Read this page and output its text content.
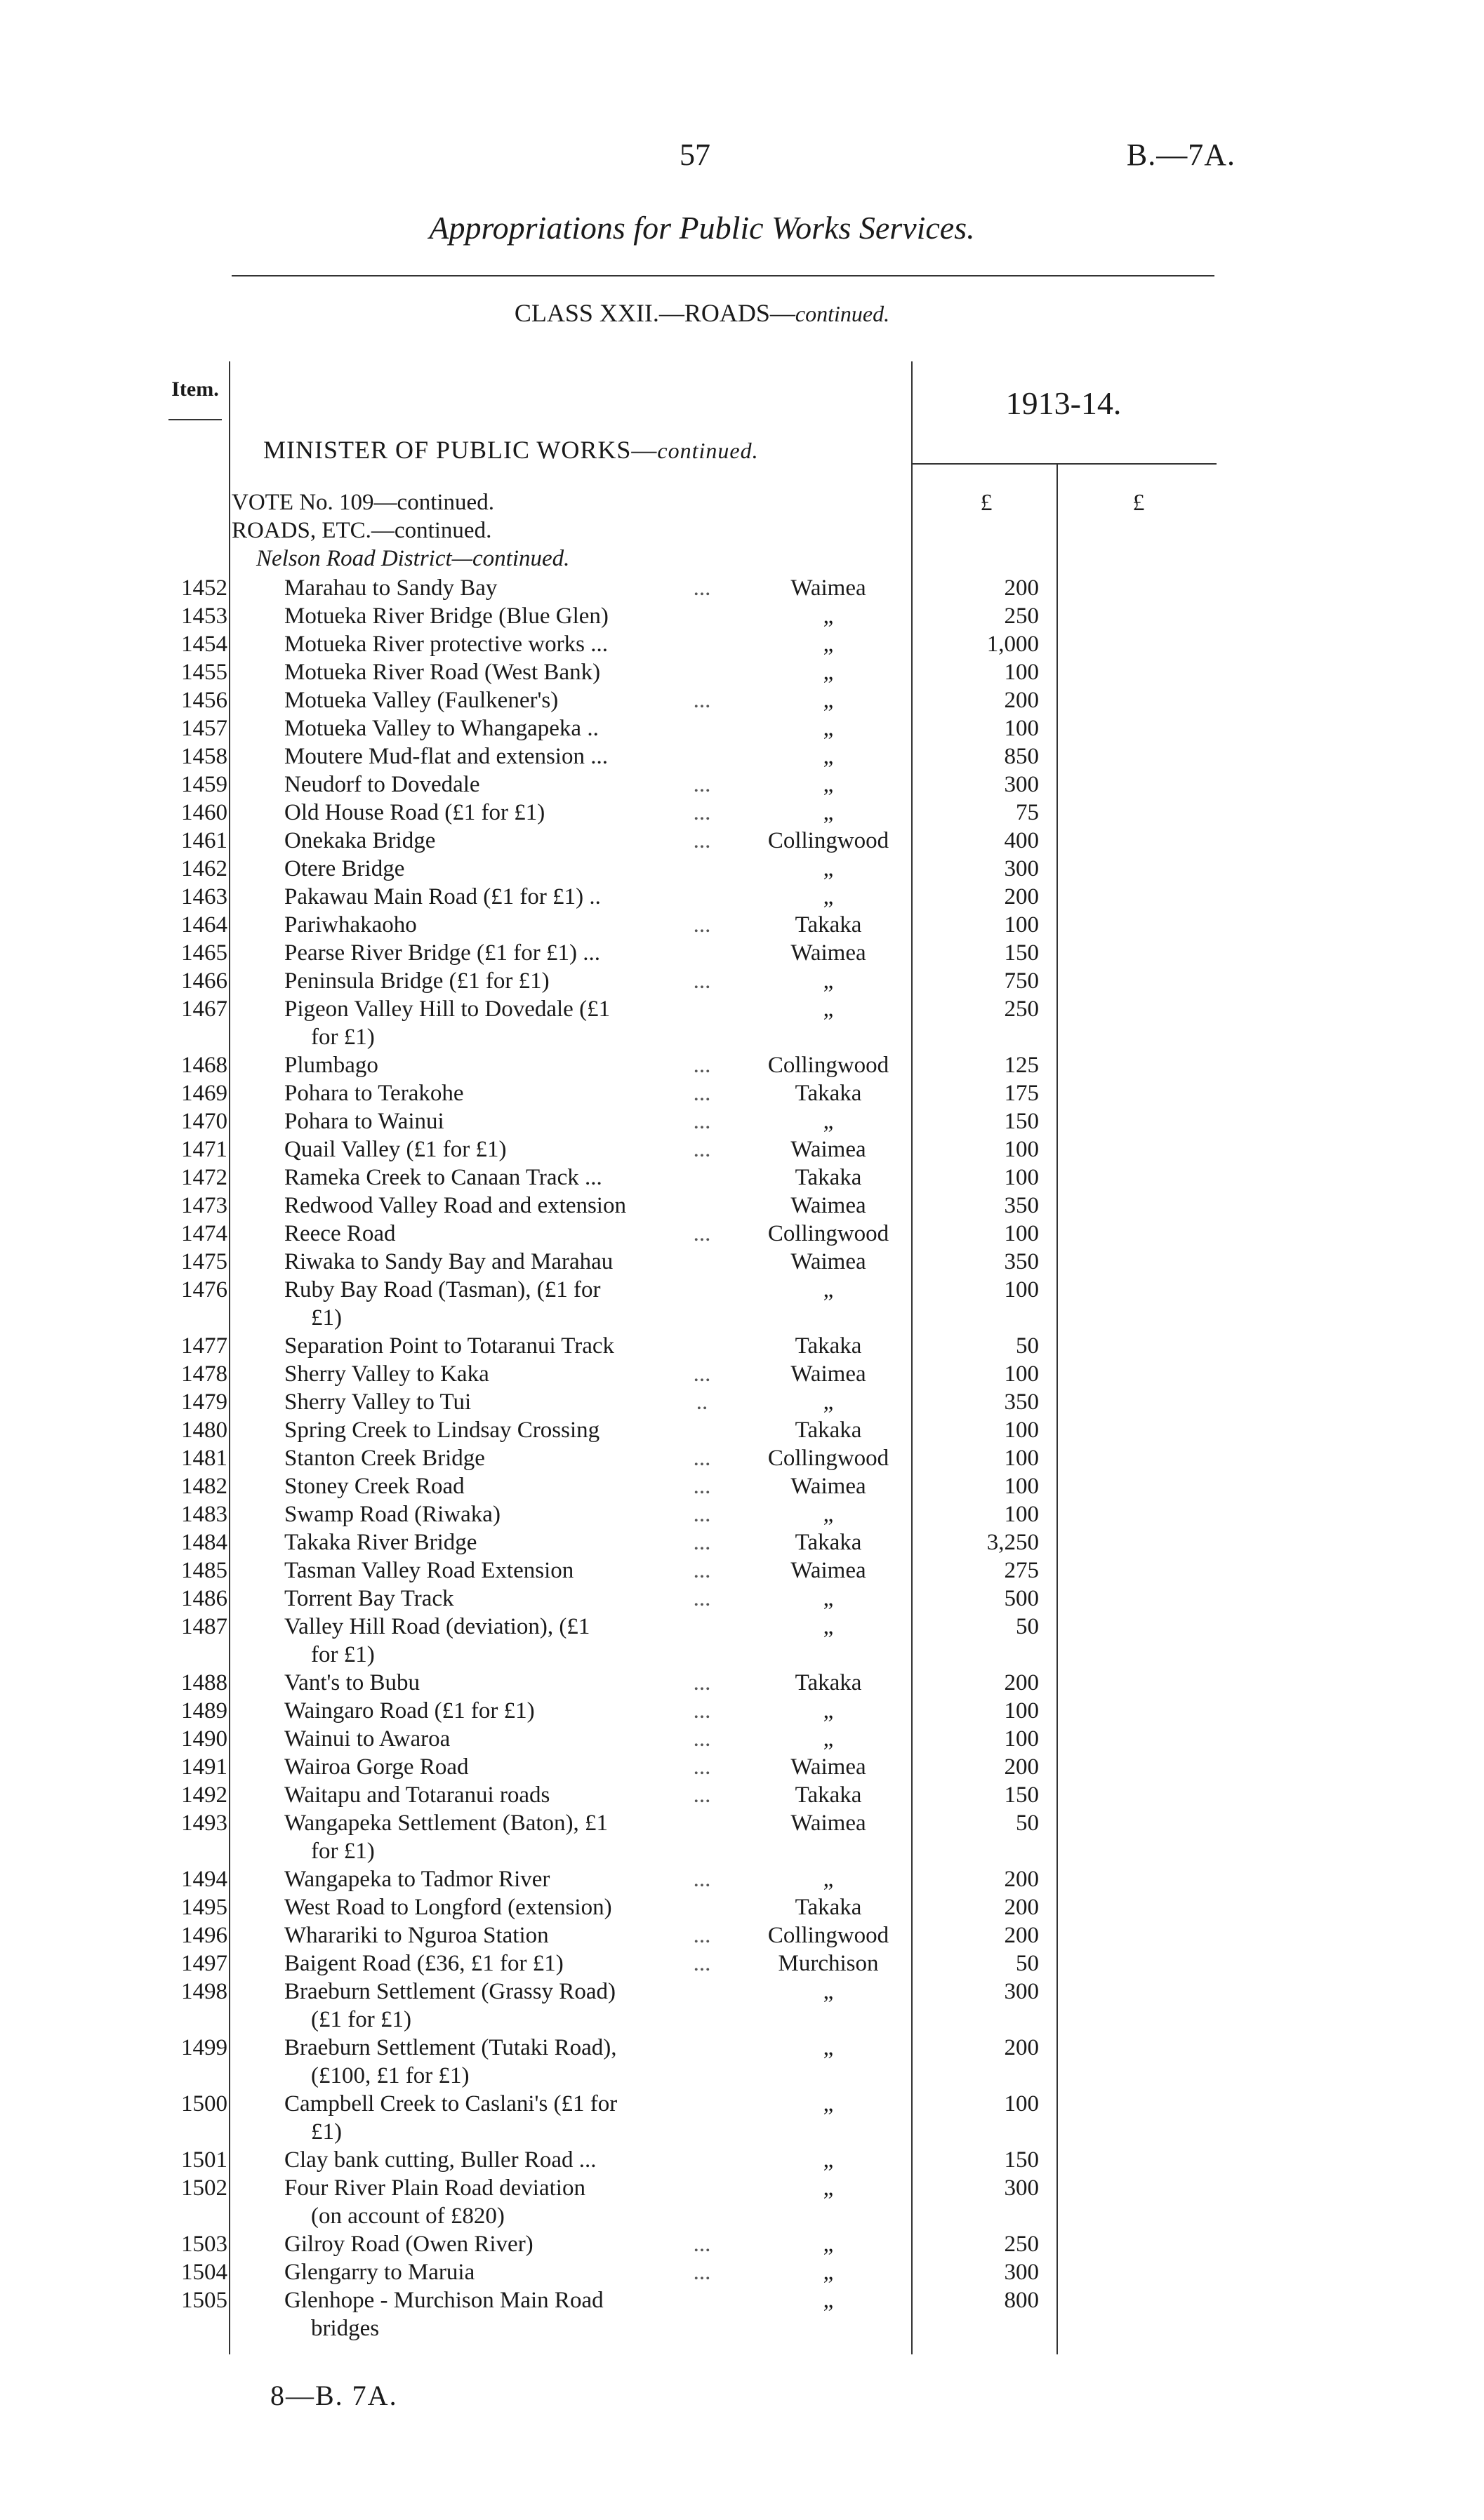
57	B.—7A.
Appropriations for Public Works Services.
CLASS XXII.—ROADS—continued.
Item.	1913-14.
MINISTER OF PUBLIC WORKS—continued.
£	£
VOTE No. 109—continued.
ROADS, ETC.—continued.
Nelson Road District—continued.
1452 Marahau to Sandy Bay	...	Waimea	200
1453 Motueka River Bridge (Blue Glen)	„	250
1454 Motueka River protective works ...	„	1,000
1455 Motueka River Road (West Bank)	„	100
1456 Motueka Valley (Faulkener's)	...	„	200
1457 Motueka Valley to Whangapeka ..	„	100
1458 Moutere Mud-flat and extension ...	„	850
1459 Neudorf to Dovedale	...	„	300
1460 Old House Road (£1 for £1)	...	„	75
1461 Onekaka Bridge	...	Collingwood	400
1462 Otere Bridge	„	300
1463 Pakawau Main Road (£1 for £1) ..	„	200
1464 Pariwhakaoho	...	Takaka	100
1465 Pearse River Bridge (£1 for £1) ...	Waimea	150
1466 Peninsula Bridge (£1 for £1)	...	„	750
1467 Pigeon Valley Hill to Dovedale (£1
for £1)
„	250
1468 Plumbago	...	Collingwood	125
1469 Pohara to Terakohe	...	Takaka	175
1470 Pohara to Wainui	...	„	150
1471 Quail Valley (£1 for £1)	...	Waimea	100
1472 Rameka Creek to Canaan Track ...	Takaka	100
1473 Redwood Valley Road and extension	Waimea	350
1474 Reece Road	...	Collingwood	100
1475 Riwaka to Sandy Bay and Marahau	Waimea	350
1476 Ruby Bay Road (Tasman), (£1 for
£1)
„	100
1477 Separation Point to Totaranui Track	Takaka	50
1478 Sherry Valley to Kaka	...	Waimea	100
1479 Sherry Valley to Tui	..	„	350
1480 Spring Creek to Lindsay Crossing	Takaka	100
1481 Stanton Creek Bridge	...	Collingwood	100
1482 Stoney Creek Road	...	Waimea	100
1483 Swamp Road (Riwaka)	...	„	100
1484 Takaka River Bridge	...	Takaka	3,250
1485 Tasman Valley Road Extension	...	Waimea	275
1486 Torrent Bay Track	...	„	500
1487 Valley Hill Road (deviation), (£1
for £1)
„	50
1488 Vant's to Bubu	...	Takaka	200
1489 Waingaro Road (£1 for £1)	...	„	100
1490 Wainui to Awaroa	...	„	100
1491 Wairoa Gorge Road	...	Waimea	200
1492 Waitapu and Totaranui roads	...	Takaka	150
1493 Wangapeka Settlement (Baton), £1
for £1)
Waimea	50
1494 Wangapeka to Tadmor River	...	„	200
1495 West Road to Longford (extension)	Takaka	200
1496 Wharariki to Nguroa Station	...	Collingwood	200
1497 Baigent Road (£36, £1 for £1)	...	Murchison	50
1498 Braeburn Settlement (Grassy Road)
(£1 for £1)
„	300
1499 Braeburn Settlement (Tutaki Road),
(£100, £1 for £1)
„	200
1500 Campbell Creek to Caslani's (£1 for
£1)
„	100
1501 Clay bank cutting, Buller Road ...	„	150
1502 Four River Plain Road deviation
(on account of £820)
„	300
1503 Gilroy Road (Owen River)	...	„	250
1504 Glengarry to Maruia	...	„	300
1505 Glenhope - Murchison Main Road
bridges
„	800
8—B. 7A.
